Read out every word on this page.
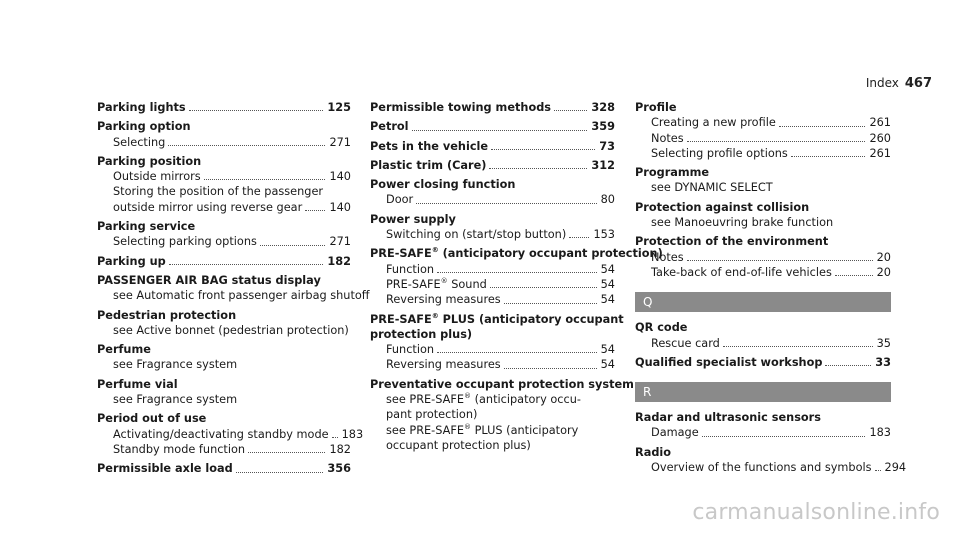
Index 467
Parking lights	125
Parking option
Selecting	271
Parking position
Outside mirrors	140
Storing the position of the passenger
outside mirror using reverse gear 140
Parking service
Selecting parking options	271
Parking up	182
PASSENGER AIR BAG status display
see Automatic front passenger airbag shutoff
Pedestrian protection
see Active bonnet (pedestrian protection)
Perfume
see Fragrance system
Perfume vial
see Fragrance system
Period out of use
Activating/deactivating standby mode 183
Standby mode function	182
Permissible axle load	356
Permissible towing methods	328
Petrol	359
Pets in the vehicle	73
Plastic trim (Care)	312
Power closing function
Door	80
Power supply
Switching on (start/stop button) 153
PRE-SAFE® (anticipatory occupant protection)
Function	54
PRE-SAFE® Sound	54
Reversing measures	54
PRE-SAFE® PLUS (anticipatory occupant
protection plus)
Function	54
Reversing measures	54
Preventative occupant protection system
see PRE-SAFE® (anticipatory occu-
pant protection)
see PRE-SAFE® PLUS (anticipatory
occupant protection plus)
Profile
Creating a new profile	261
Notes	260
Selecting profile options	261
Programme
see DYNAMIC SELECT
Protection against collision
see Manoeuvring brake function
Protection of the environment
Notes	20
Take-back of end-of-life vehicles	20
Q
QR code
Rescue card	35
Qualified specialist workshop	33
R
Radar and ultrasonic sensors
Damage	183
Radio
Overview of the functions and symbols 294
carmanualsonline.info
